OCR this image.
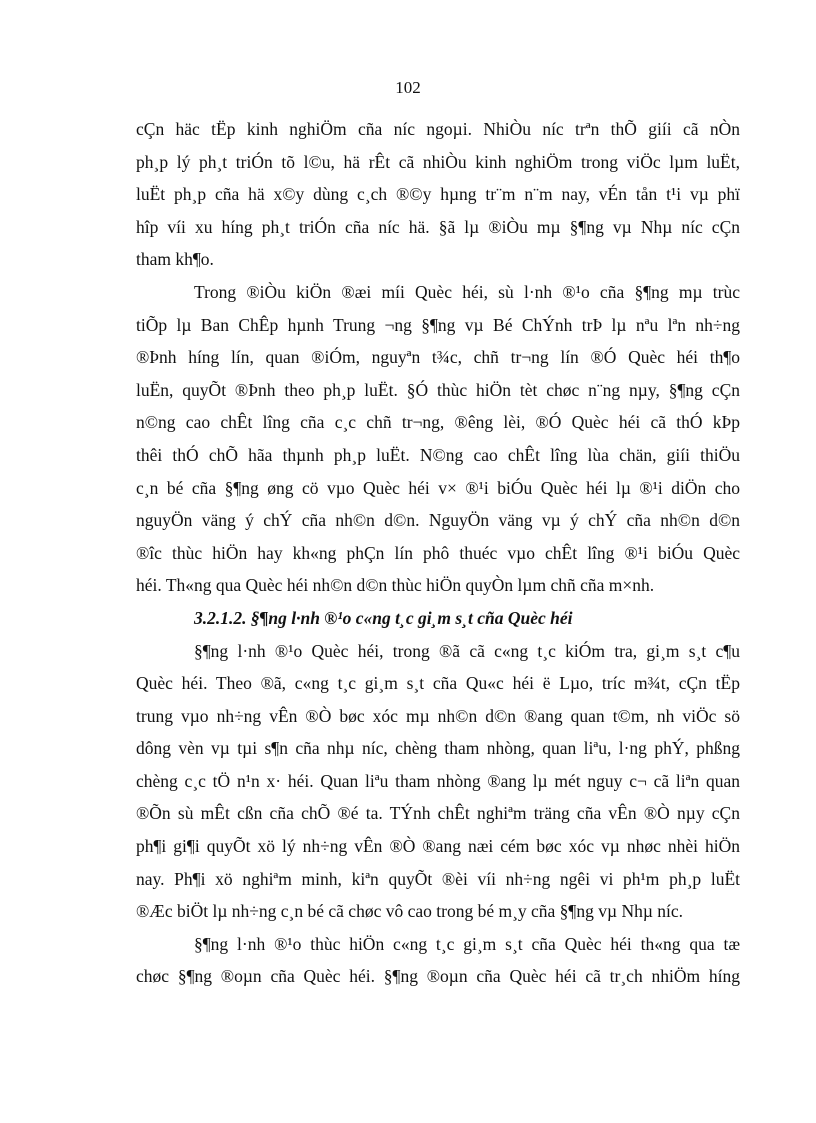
102
cÇn häc tËp kinh nghiÖm cña níc ngoµi. NhiÒu níc trªn thÕ giíi cã nÒn
ph¸p lý ph¸t triÓn tõ l©u, hä rÊt cã nhiÒu kinh nghiÖm trong viÖc lµm luËt,
luËt ph¸p cña hä x©y dùng c¸ch ®©y hµng tr¨m n¨m nay, vÉn tån t¹i vµ phï
hîp víi xu híng ph¸t triÓn cña níc hä. §ã lµ ®iÒu mµ §¶ng vµ Nhµ níc cÇn
tham kh¶o.
Trong ®iÒu kiÖn ®æi míi Quèc héi, sù l·nh ®¹o cña §¶ng mµ trùc
tiÕp lµ Ban ChÊp hµnh Trung ¬ng §¶ng vµ Bé ChÝnh trÞ lµ nªu lªn nh÷ng
®Þnh híng lín, quan ®iÓm, nguyªn t¾c, chñ tr¬ng lín ®Ó Quèc héi th¶o
luËn, quyÕt ®Þnh theo ph¸p luËt. §Ó thùc hiÖn tèt chøc n¨ng nµy, §¶ng cÇn
n©ng cao chÊt lîng cña c¸c chñ tr¬ng, ®êng lèi, ®Ó Quèc héi cã thÓ kÞp
thêi thÓ chÕ hãa thµnh ph¸p luËt. N©ng cao chÊt lîng lùa chän, giíi thiÖu
c¸n bé cña §¶ng øng cö vµo Quèc héi v× ®¹i biÓu Quèc héi lµ ®¹i diÖn cho
nguyÖn väng ý chÝ cña nh©n d©n. NguyÖn väng vµ ý chÝ cña nh©n d©n
®îc thùc hiÖn hay kh«ng phÇn lín phô thuéc vµo chÊt lîng ®¹i biÓu Quèc
héi. Th«ng qua Quèc héi nh©n d©n thùc hiÖn quyÒn lµm chñ cña m×nh.
3.2.1.2. §¶ng l·nh ®¹o c«ng t¸c gi¸m s¸t cña Quèc héi
§¶ng l·nh ®¹o Quèc héi, trong ®ã cã c«ng t¸c kiÓm tra, gi¸m s¸t c¶u
Quèc héi. Theo ®ã, c«ng t¸c gi¸m s¸t cña Qu«c héi ë Lµo, tríc m¾t, cÇn tËp
trung vµo nh÷ng vÊn ®Ò bøc xóc mµ nh©n d©n ®ang quan t©m, nh viÖc sö
dông vèn vµ tµi s¶n cña nhµ níc, chèng tham nhòng, quan liªu, l·ng phÝ, phßng
chèng c¸c tÖ n¹n x· héi. Quan liªu tham nhòng ®ang lµ mét nguy c¬ cã liªn quan
®Õn sù mÊt cßn cña chÕ ®é ta. TÝnh chÊt nghiªm träng cña vÊn ®Ò nµy cÇn
ph¶i gi¶i quyÕt xö lý nh÷ng vÊn ®Ò ®ang næi cém bøc xóc vµ nhøc nhèi hiÖn
nay. Ph¶i xö nghiªm minh, kiªn quyÕt ®èi víi nh÷ng ngêi vi ph¹m ph¸p luËt
®Æc biÖt lµ nh÷ng c¸n bé cã chøc vô cao trong bé m¸y cña §¶ng vµ Nhµ níc.
§¶ng l·nh ®¹o thùc hiÖn c«ng t¸c gi¸m s¸t cña Quèc héi th«ng qua tæ
chøc §¶ng ®oµn cña Quèc héi. §¶ng ®oµn cña Quèc héi cã tr¸ch nhiÖm híng
